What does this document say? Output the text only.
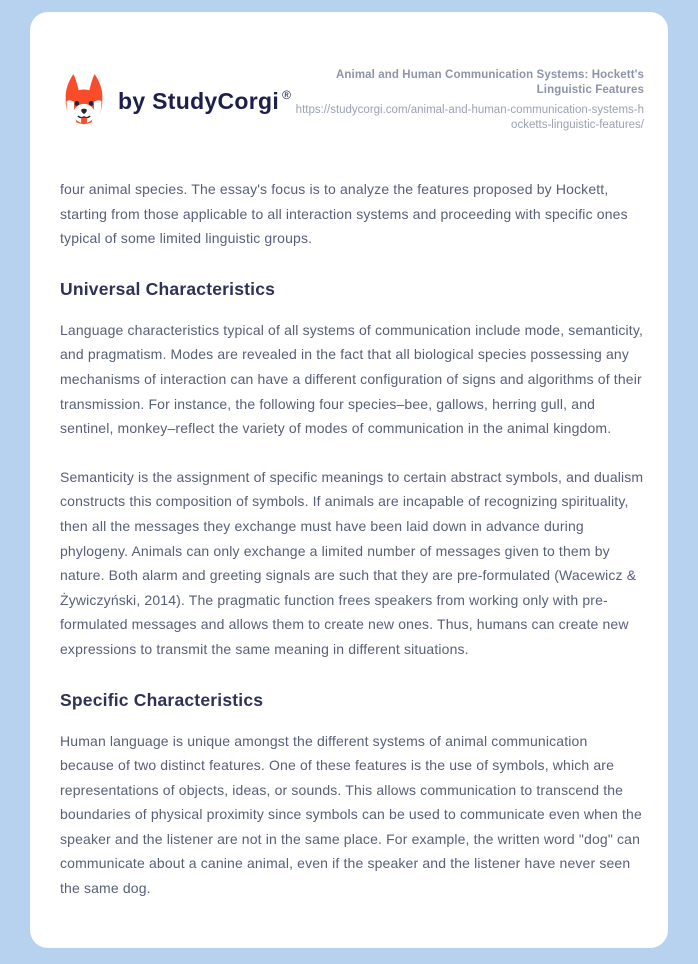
by StudyCorgi ®
Animal and Human Communication Systems: Hockett's Linguistic Features
https://studycorgi.com/animal-and-human-communication-systems-hocketts-linguistic-features/

four animal species. The essay's focus is to analyze the features proposed by Hockett, starting from those applicable to all interaction systems and proceeding with specific ones typical of some limited linguistic groups.

Universal Characteristics

Language characteristics typical of all systems of communication include mode, semanticity, and pragmatism. Modes are revealed in the fact that all biological species possessing any mechanisms of interaction can have a different configuration of signs and algorithms of their transmission. For instance, the following four species–bee, gallows, herring gull, and sentinel, monkey–reflect the variety of modes of communication in the animal kingdom.

Semanticity is the assignment of specific meanings to certain abstract symbols, and dualism constructs this composition of symbols. If animals are incapable of recognizing spirituality, then all the messages they exchange must have been laid down in advance during phylogeny. Animals can only exchange a limited number of messages given to them by nature. Both alarm and greeting signals are such that they are pre-formulated (Wacewicz & Żywiczyński, 2014). The pragmatic function frees speakers from working only with pre-formulated messages and allows them to create new ones. Thus, humans can create new expressions to transmit the same meaning in different situations.

Specific Characteristics

Human language is unique amongst the different systems of animal communication because of two distinct features. One of these features is the use of symbols, which are representations of objects, ideas, or sounds. This allows communication to transcend the boundaries of physical proximity since symbols can be used to communicate even when the speaker and the listener are not in the same place. For example, the written word "dog" can communicate about a canine animal, even if the speaker and the listener have never seen the same dog.
